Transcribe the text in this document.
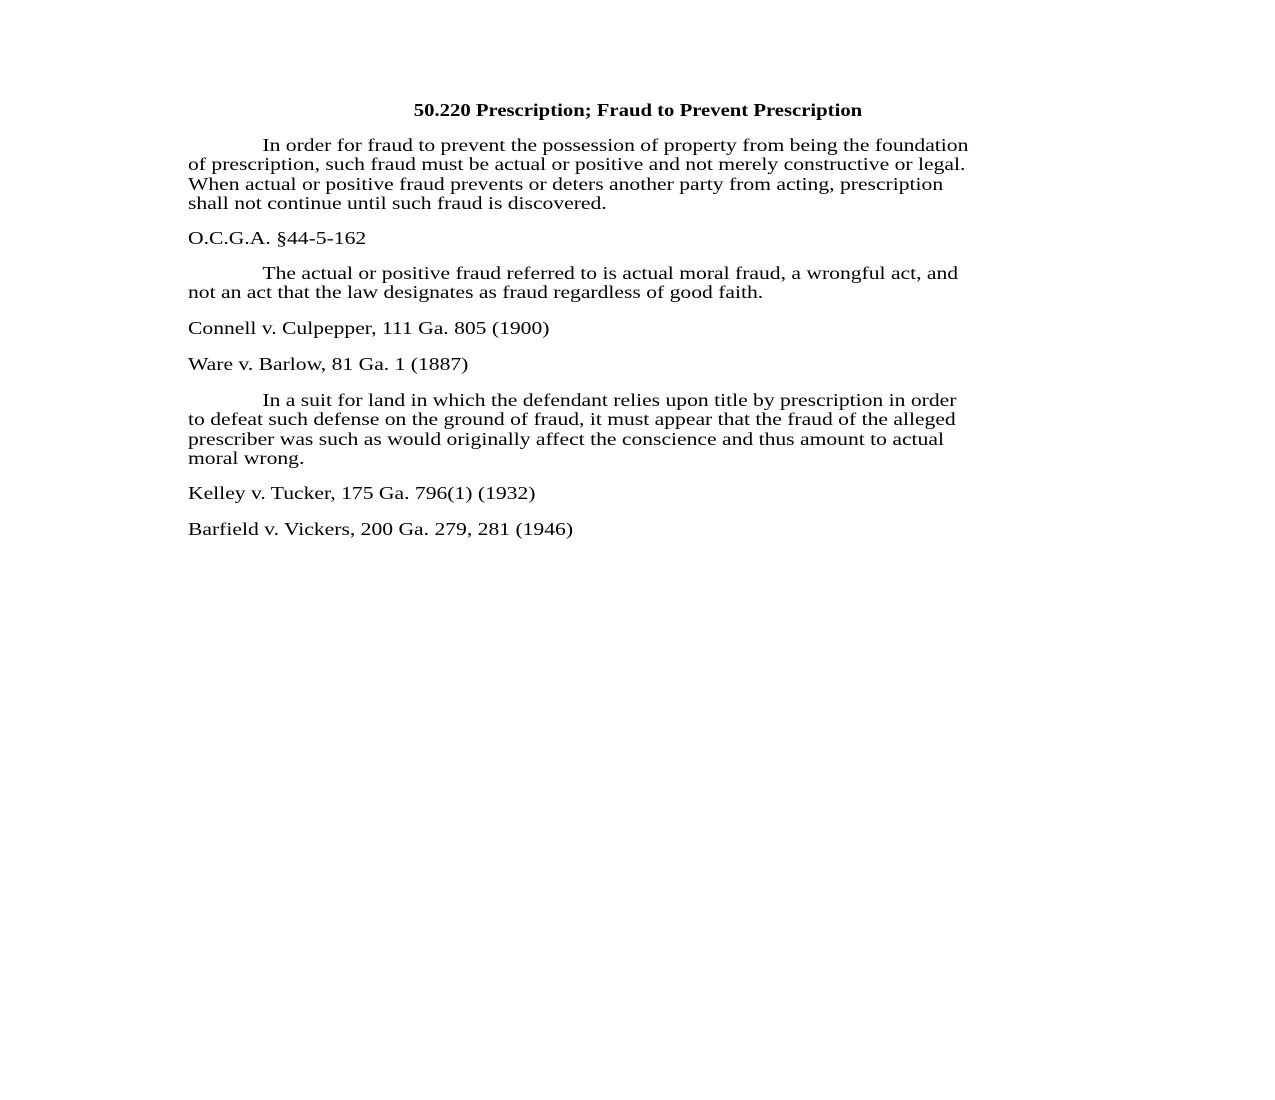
50.220 Prescription; Fraud to Prevent Prescription
In order for fraud to prevent the possession of property from being the foundation
of prescription, such fraud must be actual or positive and not merely constructive or legal.
When actual or positive fraud prevents or deters another party from acting, prescription
shall not continue until such fraud is discovered.
O.C.G.A. §44-5-162
The actual or positive fraud referred to is actual moral fraud, a wrongful act, and
not an act that the law designates as fraud regardless of good faith.
Connell v. Culpepper, 111 Ga. 805 (1900)
Ware v. Barlow, 81 Ga. 1 (1887)
In a suit for land in which the defendant relies upon title by prescription in order
to defeat such defense on the ground of fraud, it must appear that the fraud of the alleged
prescriber was such as would originally affect the conscience and thus amount to actual
moral wrong.
Kelley v. Tucker, 175 Ga. 796(1) (1932)
Barfield v. Vickers, 200 Ga. 279, 281 (1946)
